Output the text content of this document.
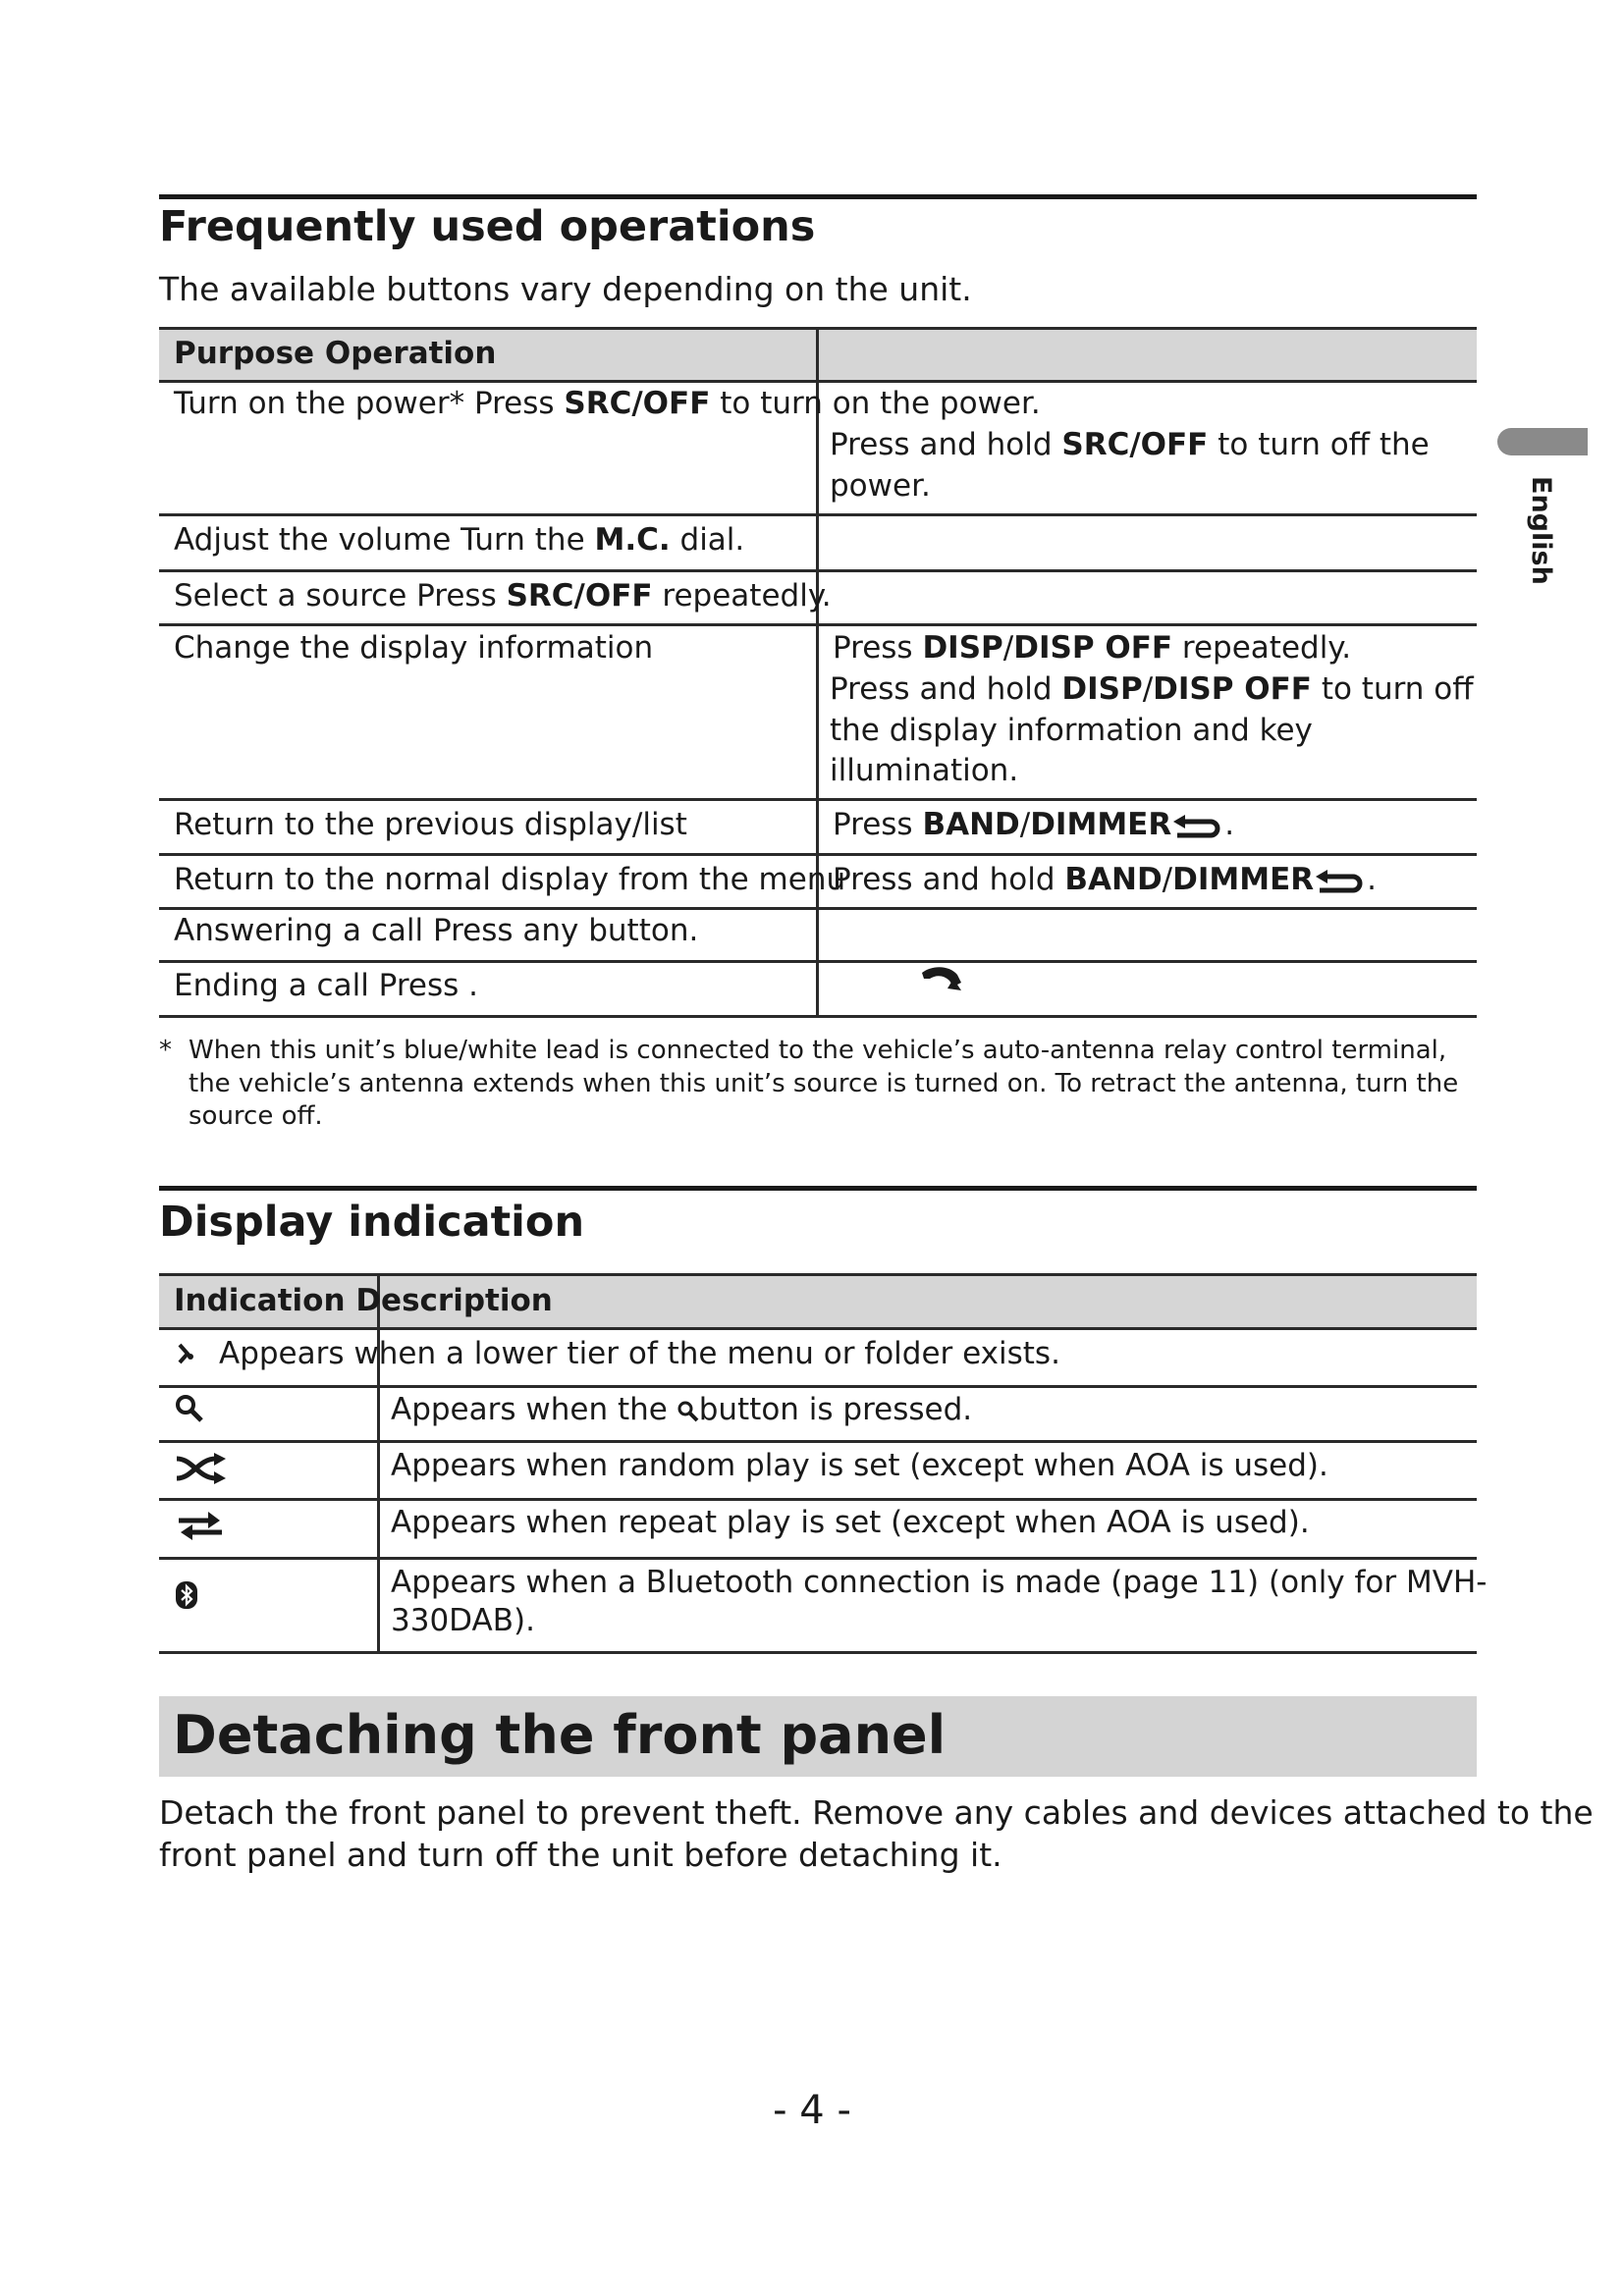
English
Frequently used operations
The available buttons vary depending on the unit.
Purpose Operation
Turn on the power* Press SRC/OFF to turn on the power.
Press and hold SRC/OFF to turn off the
power.
Adjust the volume Turn the M.C. dial.
Select a source Press SRC/OFF repeatedly.
Change the display information	Press DISP/DISP OFF repeatedly.
Press and hold DISP/DISP OFF to turn off
the display information and key
illumination.
Return to the previous display/list	Press BAND/DIMMER .
Return to the normal display from the menu
Press and hold BAND/DIMMER .
Answering a call Press any button.
Ending a call Press .
* When this unit’s blue/white lead is connected to the vehicle’s auto-antenna relay control terminal,
the vehicle’s antenna extends when this unit’s source is turned on. To retract the antenna, turn the
source off.
Display indication
Indication Description
Appears when a lower tier of the menu or folder exists.
Appears when the
button is pressed.
Appears when random play is set (except when AOA is used).
Appears when repeat play is set (except when AOA is used).
Appears when a Bluetooth connection is made (page 11) (only for MVH-
330DAB).
Detaching the front panel
Detach the front panel to prevent theft. Remove any cables and devices attached to the
front panel and turn off the unit before detaching it.
- 4 -
